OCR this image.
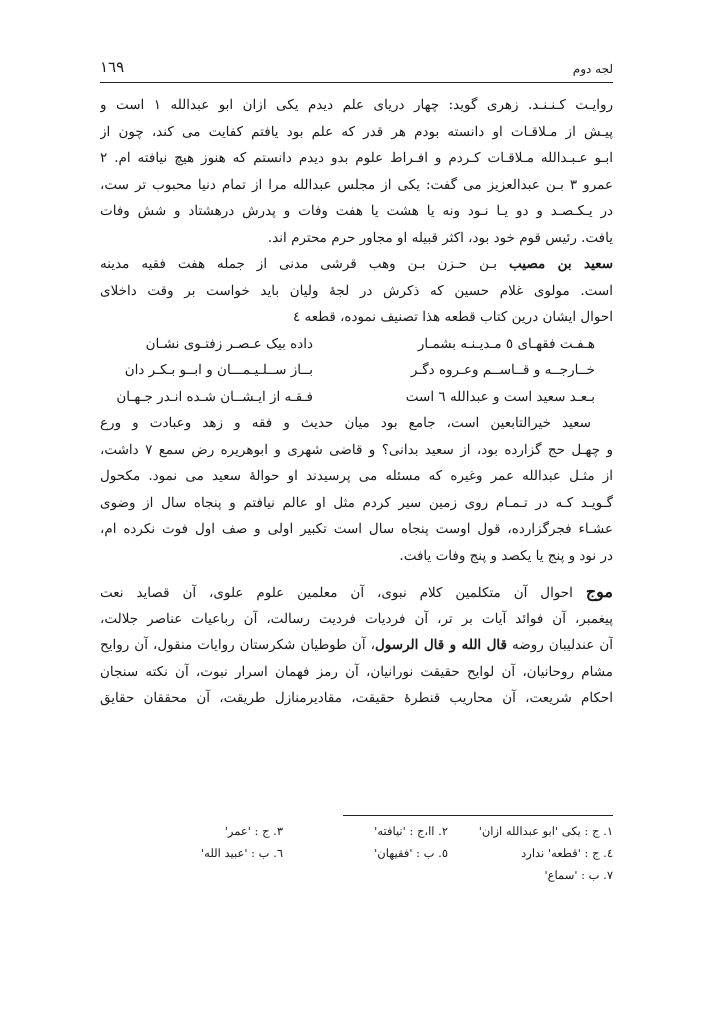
لجه دوم
١٦٩
روایـت کـنـنـد. زهری گوید: چهار دریای علم دیدم یکی ازان ابو عبدالله ١ است و
پیـش از مـلاقـات او دانسته بودم هر قدر که علم بود یافتم کفایت می کند، چون از
ابـو عـبـدالله مـلاقـات کـردم و افـراط علوم بدو دیدم دانستم که هنوز هیچ نیافته ام. ٢
عمرو ٣ بـن عبدالعزیز می گفت: یکی از مجلس عبدالله مرا از تمام دنیا محبوب تر ست،
در یـکـصـد و دو یـا نـود ونه یا هشت یا هفت وفات و پدرش درهشتاد و شش وفات
یافت. رئیس قوم خود بود، اکثر قبیله او مجاور حرم محترم اند.
سعید بن مصیب بـن حـزن بـن وهب قرشی مدنی از جمله هفت فقیه مدینه
است. مولوی غلام حسین که ذکرش در لجۀ ولیان باید خواست بر وقت داخلای
احوال ایشان درین کتاب قطعه هذا تصنیف نموده، قطعه ٤
هـفـت فقهـای ٥ مـدیـنـه بشمـار
داده بیک عـصـر زفتـوی نشـان
خــارجــه و قــاســم وعـروه دگـر
بــاز ســلـیـمـــان و ابــو بـکـر دان
بـعـد سعید است و عبدالله ٦ است
فـقـه از ایـشــان شـده انـدر جـهـان
سعید خیرالتابعین است، جامع بود میان حدیث و فقه و زهد وعبادت و ورع
و چهـل حج گزارده بود، از سعید بدانی؟ و قاضی شهری و ابوهریره رض سمع ٧ داشت،
از مثـل عبدالله عمر وغیره که مسئله می پرسیدند او حوالۀ سعید می نمود. مکحول
گـویـد کـه در تـمـام روی زمین سیر کردم مثل او عالم نیافتم و پنجاه سال از وضوی
عشـاء فجرگزارده، قول اوست پنجاه سال است تکبیر اولی و صف اول فوت نکرده ام،
در نود و پنج یا یکصد و پنج وفات یافت.
موج احوال آن متکلمین کلام نبوی، آن معلمین علوم علوی، آن قصاید نعت
پیغمبر، آن فوائد آیات بر تر، آن فردیات فردیت رسالت، آن رباعیات عناصر جلالت،
آن عندلیبان روضه قال الله و قال الرسول، آن طوطیان شکرستان روایات منقول، آن روایح
مشام روحانیان، آن لوایح حقیقت نورانیان، آن رمز فهمان اسرار نبوت، آن نکته سنجان
احکام شریعت، آن محاریب قنطرۀ حقیقت، مقادیرمنازل طریقت، آن محققان حقایق
١. ج : یکی 'ابو عبدالله ازان'
٢. اا،ج : 'نیافته'
٣. ج : 'عمر'
٤. ج : 'قطعه' ندارد
٥. ب : 'فقیهان'
٦. ب : 'عبید الله'
٧. ب : 'سماع'
